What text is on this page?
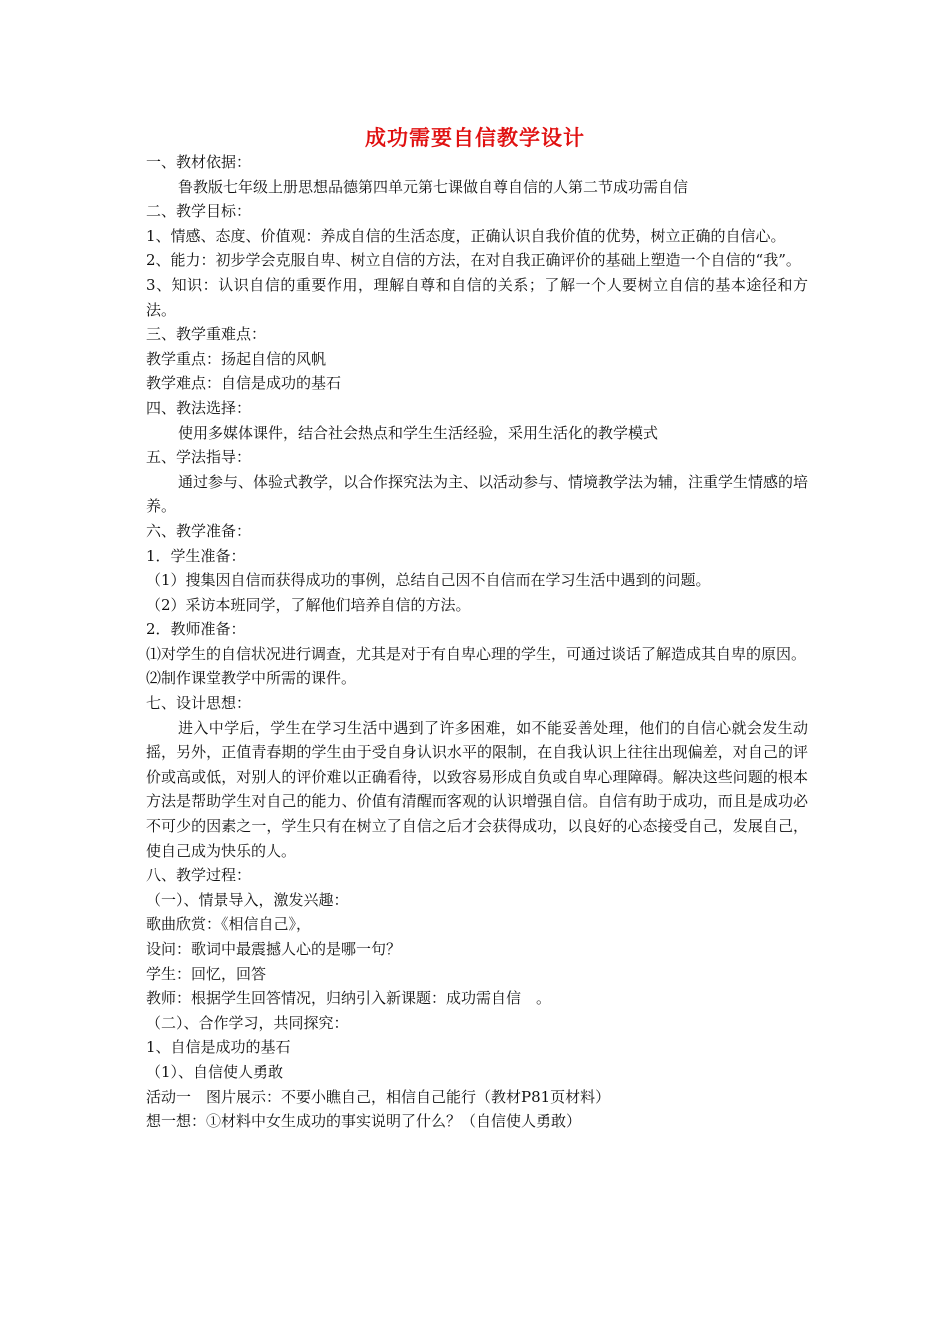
成功需要自信教学设计

一、教材依据：

鲁教版七年级上册思想品德第四单元第七课做自尊自信的人第二节成功需自信

二、教学目标：

1、情感、态度、价值观：养成自信的生活态度，正确认识自我价值的优势，树立正确的自信心。

2、能力：初步学会克服自卑、树立自信的方法，在对自我正确评价的基础上塑造一个自信的“我”。

3、知识：认识自信的重要作用，理解自尊和自信的关系；了解一个人要树立自信的基本途径和方法。

三、教学重难点：

教学重点：扬起自信的风帆

教学难点：自信是成功的基石

四、教法选择：

使用多媒体课件，结合社会热点和学生生活经验，采用生活化的教学模式

五、学法指导：

通过参与、体验式教学，以合作探究法为主、以活动参与、情境教学法为辅，注重学生情感的培养。

六、教学准备：

1．学生准备：

（1）搜集因自信而获得成功的事例，总结自己因不自信而在学习生活中遇到的问题。

（2）采访本班同学，了解他们培养自信的方法。

2．教师准备：

⑴对学生的自信状况进行调查，尤其是对于有自卑心理的学生，可通过谈话了解造成其自卑的原因。

⑵制作课堂教学中所需的课件。

七、设计思想：

进入中学后，学生在学习生活中遇到了许多困难，如不能妥善处理，他们的自信心就会发生动摇，另外，正值青春期的学生由于受自身认识水平的限制，在自我认识上往往出现偏差，对自己的评价或高或低，对别人的评价难以正确看待，以致容易形成自负或自卑心理障碍。解决这些问题的根本方法是帮助学生对自己的能力、价值有清醒而客观的认识增强自信。自信有助于成功，而且是成功必不可少的因素之一，学生只有在树立了自信之后才会获得成功，以良好的心态接受自己，发展自己，使自己成为快乐的人。

八、教学过程：

（一）、情景导入，激发兴趣：

歌曲欣赏：《相信自己》，

设问：歌词中最震撼人心的是哪一句？

学生：回忆，回答

教师：根据学生回答情况，归纳引入新课题：成功需自信　。

（二）、合作学习，共同探究：

1、自信是成功的基石

（1）、自信使人勇敢

活动一　图片展示：不要小瞧自己，相信自己能行（教材P81页材料）

想一想：①材料中女生成功的事实说明了什么？（自信使人勇敢）
